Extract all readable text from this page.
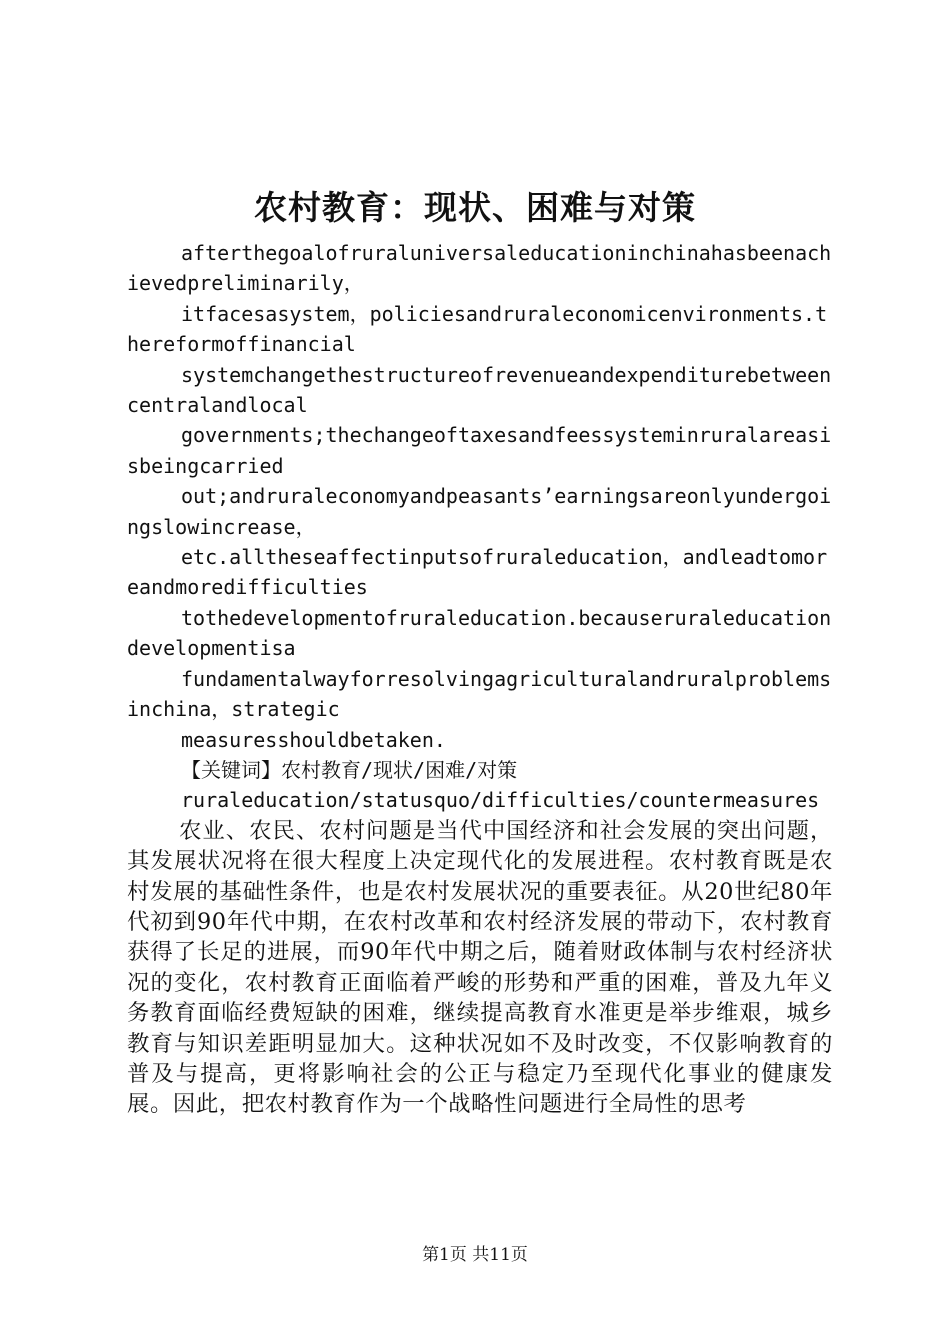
农村教育：现状、困难与对策

afterthegoalofruraluniversaleducationinchinahasbeenachievedpreliminarily，

itfacesasystem，policiesandruraleconomicenvironments.thereformoffinancial

systemchangethestructureofrevenueandexpenditurebetweencentralandlocal

governments;thechangeoftaxesandfeessysteminruralareasisbeingcarried

out;andruraleconomyandpeasants’earningsareonlyundergoingslowincrease，

etc.alltheseaffectinputsofruraleducation，andleadtomoreandmoredifficulties

tothedevelopmentofruraleducation.becauseruraleducationdevelopmentisa

fundamentalwayforresolvingagriculturalandruralproblemsinchina，strategic

measuresshouldbetaken.

【关键词】农村教育/现状/困难/对策

ruraleducation/statusquo/difficulties/countermeasures

农业、农民、农村问题是当代中国经济和社会发展的突出问题，其发展状况将在很大程度上决定现代化的发展进程。农村教育既是农村发展的基础性条件，也是农村发展状况的重要表征。从20世纪80年代初到90年代中期，在农村改革和农村经济发展的带动下，农村教育获得了长足的进展，而90年代中期之后，随着财政体制与农村经济状况的变化，农村教育正面临着严峻的形势和严重的困难，普及九年义务教育面临经费短缺的困难，继续提高教育水准更是举步维艰，城乡教育与知识差距明显加大。这种状况如不及时改变，不仅影响教育的普及与提高，更将影响社会的公正与稳定乃至现代化事业的健康发展。因此，把农村教育作为一个战略性问题进行全局性的思考

第1页 共11页
